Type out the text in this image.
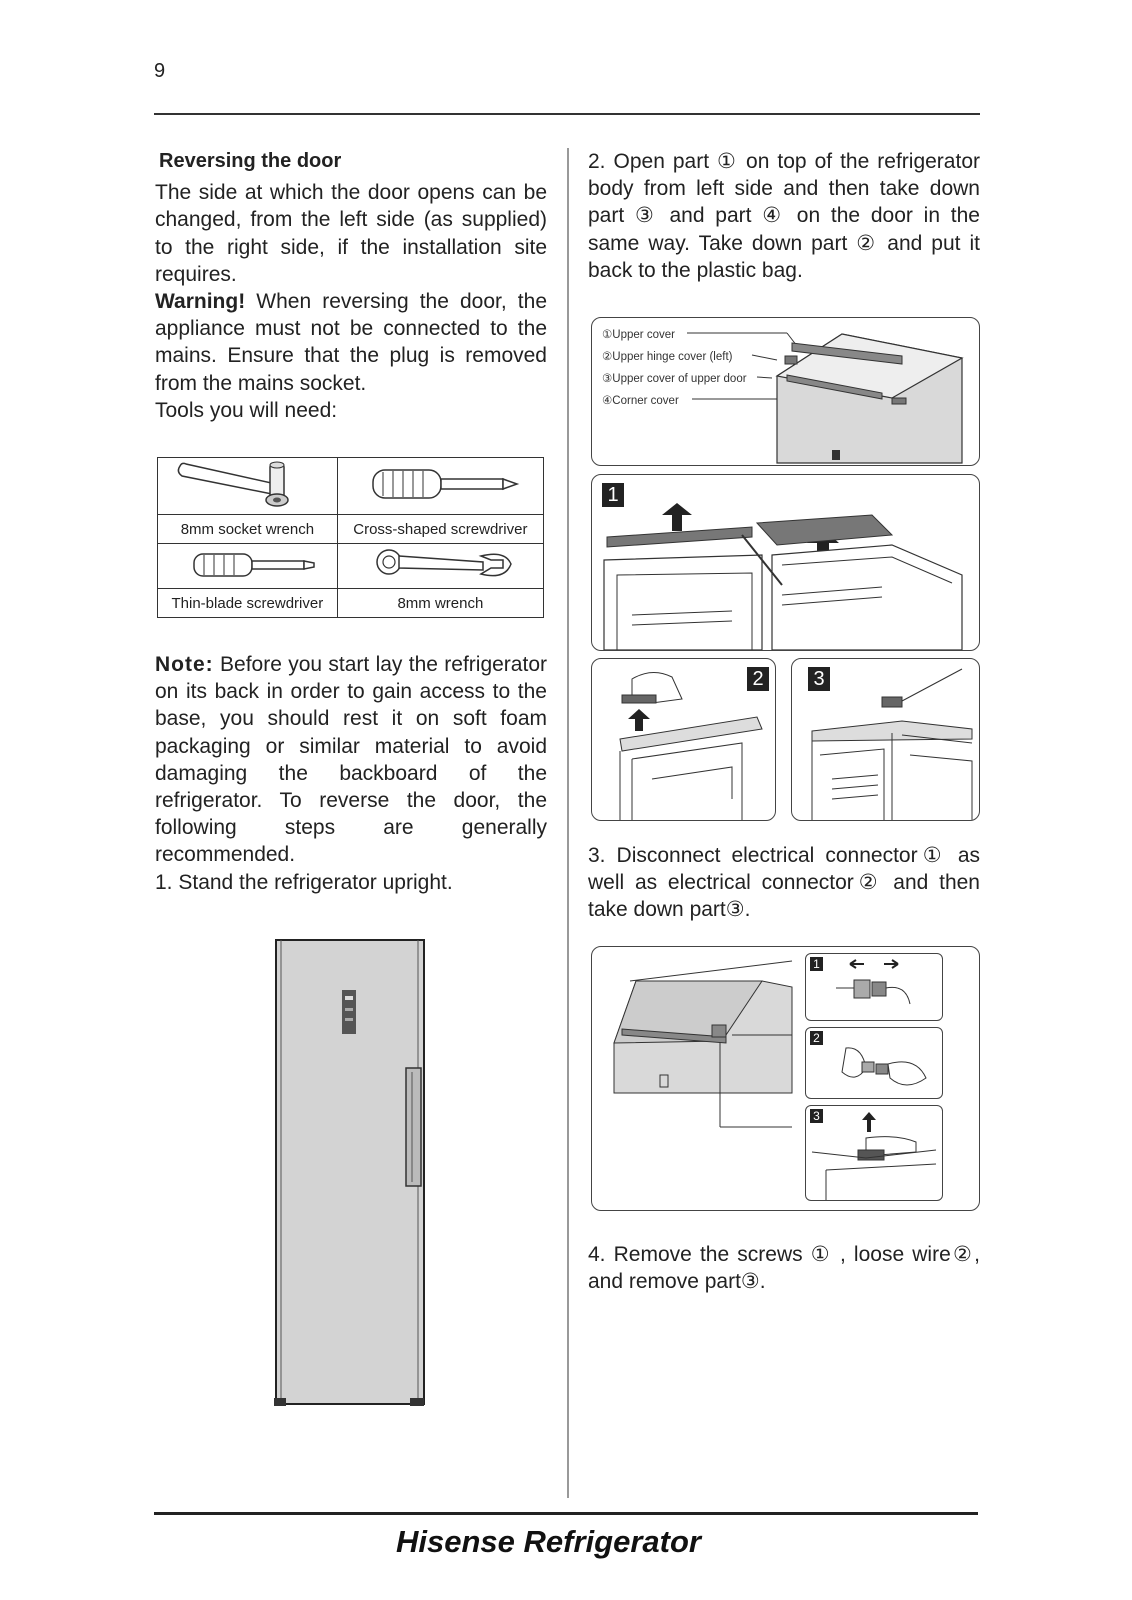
9
Reversing the door
The side at which the door opens can be changed, from the left side (as supplied) to the right side, if the installation site requires.
Warning! When reversing the door, the appliance must not be connected to the mains. Ensure that the plug is removed from the mains socket.
Tools you will need:

8mm socket wrench	Cross-shaped screwdriver

Thin-blade screwdriver	8mm wrench
Note: Before you start lay the refrigerator on its back in order to gain access to the base, you should rest it on soft foam packaging or similar material to avoid damaging the backboard of the refrigerator. To reverse the door, the following steps are generally recommended.
1. Stand the refrigerator upright.
2. Open part ① on top of the refrigerator body from left side and then take down part ③ and part ④ on the door in the same way. Take down part ② and put it back to the plastic bag.
①Upper cover
②Upper hinge cover (left)
③Upper cover of upper door
④Corner cover
1
2 3
3. Disconnect electrical connector① as well as electrical connector② and then take down part③.
1
2
3
4. Remove the screws ① , loose wire②, and remove part③.
Hisense Refrigerator
